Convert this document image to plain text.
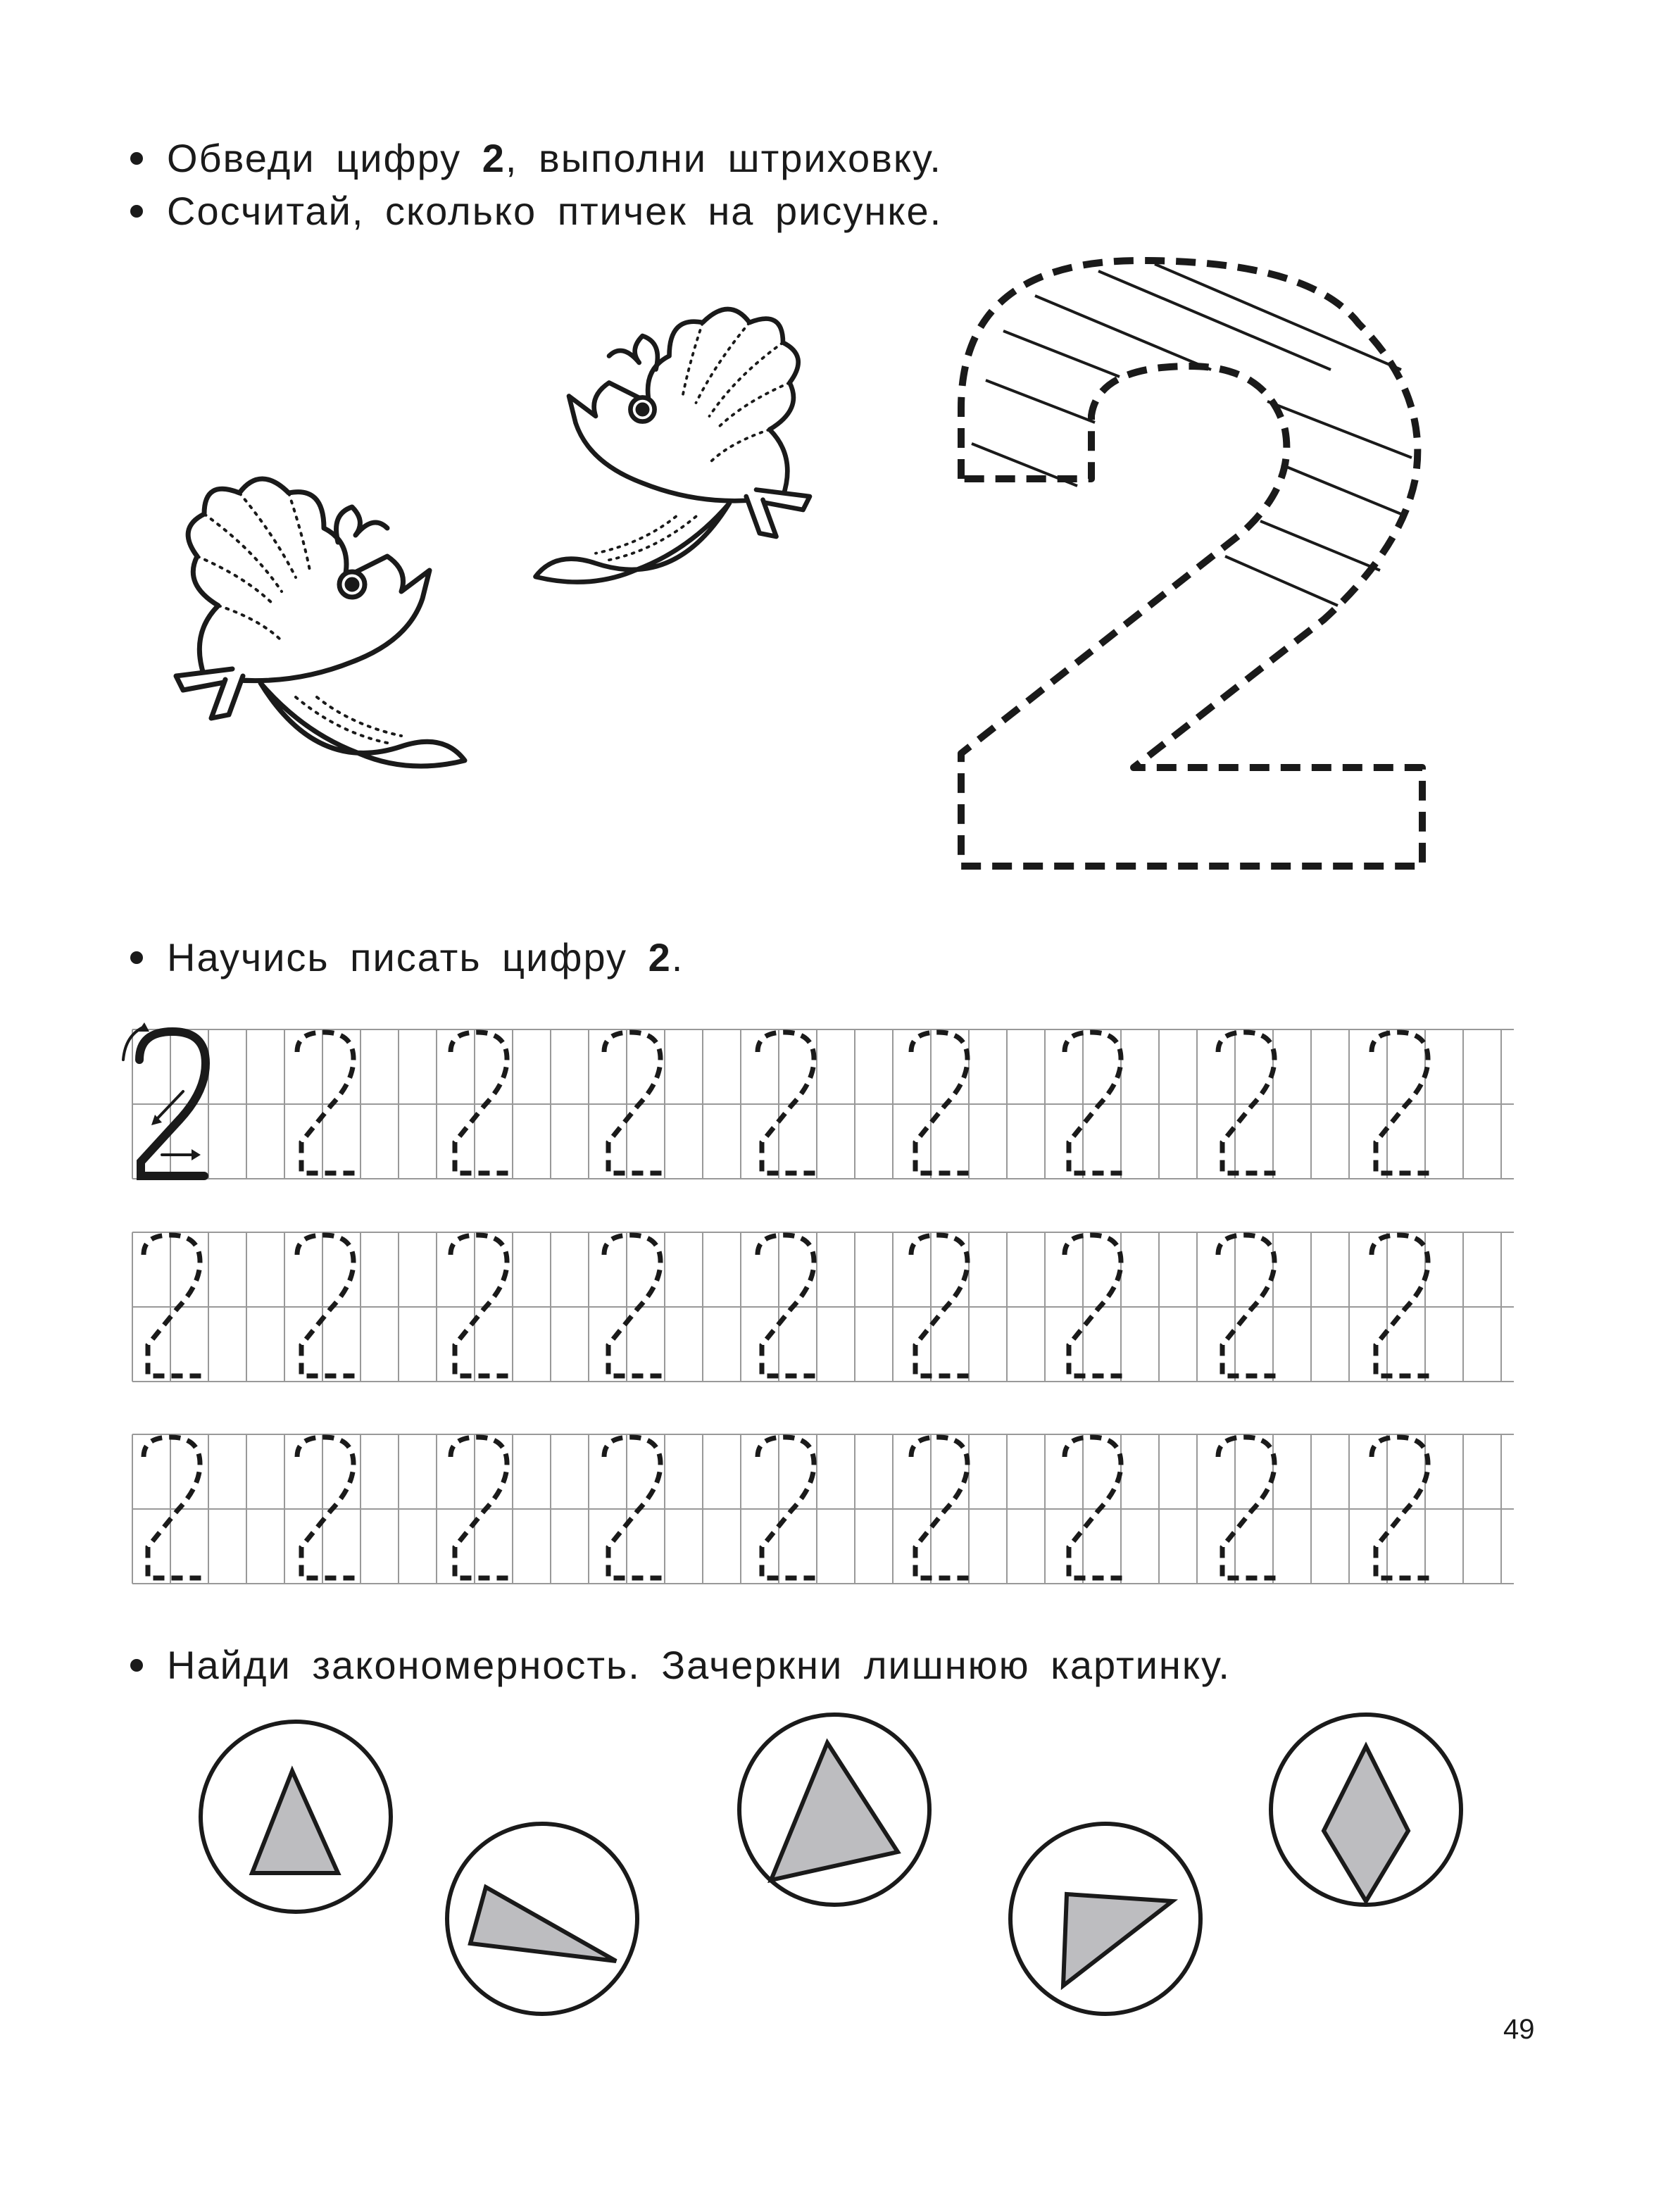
Обведи цифру 2, выполни штриховку.
Сосчитай, сколько птичек на рисунке.
Научись писать цифру 2.
Найди закономерность. Зачеркни лишнюю картинку.
49
